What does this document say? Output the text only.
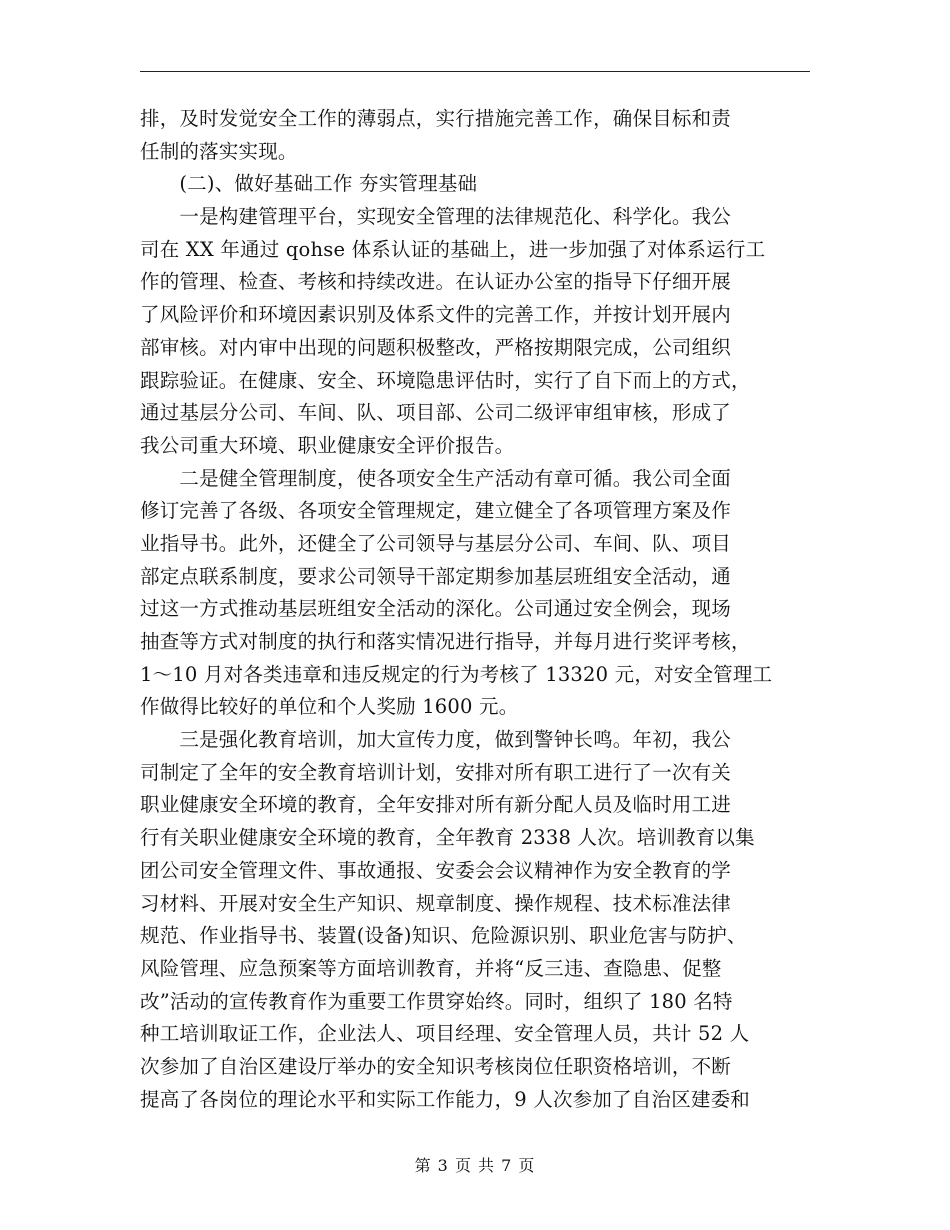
排，及时发觉安全工作的薄弱点，实行措施完善工作，确保目标和责
任制的落实实现。
　　(二)、做好基础工作 夯实管理基础
　　一是构建管理平台，实现安全管理的法律规范化、科学化。我公
司在 XX 年通过 qohse 体系认证的基础上，进一步加强了对体系运行工
作的管理、检查、考核和持续改进。在认证办公室的指导下仔细开展
了风险评价和环境因素识别及体系文件的完善工作，并按计划开展内
部审核。对内审中出现的问题积极整改，严格按期限完成，公司组织
跟踪验证。在健康、安全、环境隐患评估时，实行了自下而上的方式，
通过基层分公司、车间、队、项目部、公司二级评审组审核，形成了
我公司重大环境、职业健康安全评价报告。
　　二是健全管理制度，使各项安全生产活动有章可循。我公司全面
修订完善了各级、各项安全管理规定，建立健全了各项管理方案及作
业指导书。此外，还健全了公司领导与基层分公司、车间、队、项目
部定点联系制度，要求公司领导干部定期参加基层班组安全活动，通
过这一方式推动基层班组安全活动的深化。公司通过安全例会，现场
抽查等方式对制度的执行和落实情况进行指导，并每月进行奖评考核，
1～10 月对各类违章和违反规定的行为考核了 13320 元，对安全管理工
作做得比较好的单位和个人奖励 1600 元。
　　三是强化教育培训，加大宣传力度，做到警钟长鸣。年初，我公
司制定了全年的安全教育培训计划，安排对所有职工进行了一次有关
职业健康安全环境的教育，全年安排对所有新分配人员及临时用工进
行有关职业健康安全环境的教育，全年教育 2338 人次。培训教育以集
团公司安全管理文件、事故通报、安委会会议精神作为安全教育的学
习材料、开展对安全生产知识、规章制度、操作规程、技术标准法律
规范、作业指导书、装置(设备)知识、危险源识别、职业危害与防护、
风险管理、应急预案等方面培训教育，并将“反三违、查隐患、促整
改”活动的宣传教育作为重要工作贯穿始终。同时，组织了 180 名特
种工培训取证工作，企业法人、项目经理、安全管理人员，共计 52 人
次参加了自治区建设厅举办的安全知识考核岗位任职资格培训，不断
提高了各岗位的理论水平和实际工作能力，9 人次参加了自治区建委和
第 3 页 共 7 页
